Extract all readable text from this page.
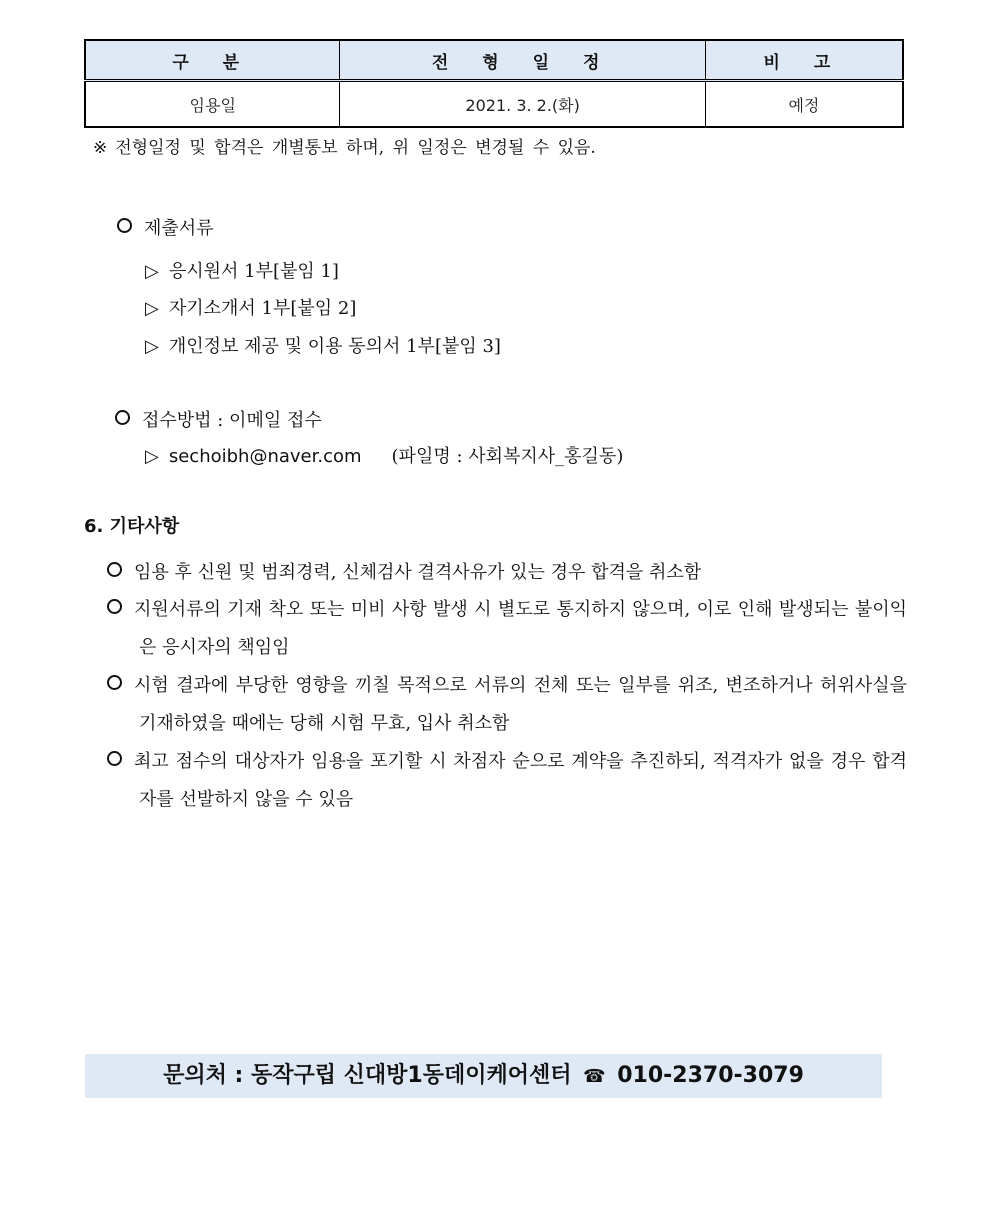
구 분	전 형 일 정	비 고
임용일	2021. 3. 2.(화)	예정
※ 전형일정 및 합격은 개별통보 하며, 위 일정은 변경될 수 있음.
제출서류
▷ 응시원서 1부[붙임 1]
▷ 자기소개서 1부[붙임 2]
▷ 개인정보 제공 및 이용 동의서 1부[붙임 3]
접수방법 : 이메일 접수
▷ sechoibh@naver.com (파일명 : 사회복지사_홍길동)
6. 기타사항
임용 후 신원 및 범죄경력, 신체검사 결격사유가 있는 경우 합격을 취소함
지원서류의 기재 착오 또는 미비 사항 발생 시 별도로 통지하지 않으며, 이로 인해 발생되는 불이익은 응시자의 책임임
시험 결과에 부당한 영향을 끼칠 목적으로 서류의 전체 또는 일부를 위조, 변조하거나 허위사실을 기재하였을 때에는 당해 시험 무효, 입사 취소함
최고 점수의 대상자가 임용을 포기할 시 차점자 순으로 계약을 추진하되, 적격자가 없을 경우 합격자를 선발하지 않을 수 있음
문의처 : 동작구립 신대방1동데이케어센터 ☎ 010-2370-3079
